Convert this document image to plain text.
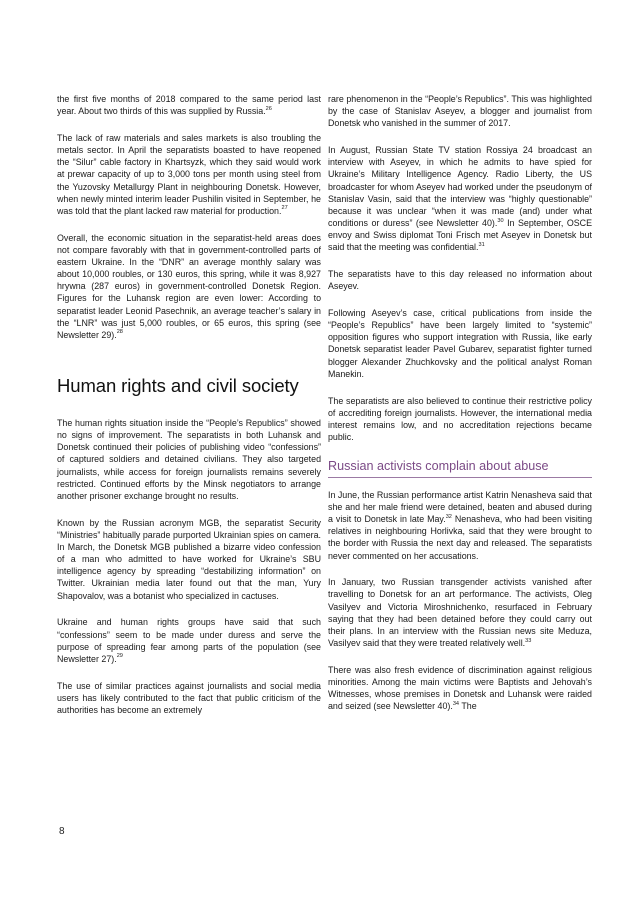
the first five months of 2018 compared to the same period last year. About two thirds of this was supplied by Russia.$^{26}$

The lack of raw materials and sales markets is also troubling the metals sector. In April the separatists boasted to have reopened the “Silur” cable factory in Khartsyzk, which they said would work at prewar capacity of up to 3,000 tons per month using steel from the Yuzovsky Metallurgy Plant in neighbouring Donetsk. However, when newly minted interim leader Pushilin visited in September, he was told that the plant lacked raw material for production.$^{27}$

Overall, the economic situation in the separatist-held areas does not compare favorably with that in government-controlled parts of eastern Ukraine. In the “DNR” an average monthly salary was about 10,000 roubles, or 130 euros, this spring, while it was 8,927 hrywna (287 euros) in government-controlled Donetsk Region. Figures for the Luhansk region are even lower: According to separatist leader Leonid Pasechnik, an average teacher’s salary in the “LNR” was just 5,000 roubles, or 65 euros, this spring (see Newsletter 29).$^{28}$

Human rights and civil society

The human rights situation inside the “People’s Republics” showed no signs of improvement. The separatists in both Luhansk and Donetsk continued their policies of publishing video “confessions” of captured soldiers and detained civilians. They also targeted journalists, while access for foreign journalists remains severely restricted. Continued efforts by the Minsk negotiators to arrange another prisoner exchange brought no results.

Known by the Russian acronym MGB, the separatist Security “Ministries” habitually parade purported Ukrainian spies on camera. In March, the Donetsk MGB published a bizarre video confession of a man who admitted to have worked for Ukraine’s SBU intelligence agency by spreading “destabilizing information” on Twitter. Ukrainian media later found out that the man, Yury Shapovalov, was a botanist who specialized in cactuses.

Ukraine and human rights groups have said that such “confessions” seem to be made under duress and serve the purpose of spreading fear among parts of the population (see Newsletter 27).$^{29}$

The use of similar practices against journalists and social media users has likely contributed to the fact that public criticism of the authorities has become an extremely

rare phenomenon in the “People’s Republics”. This was highlighted by the case of Stanislav Aseyev, a blogger and journalist from Donetsk who vanished in the summer of 2017.

In August, Russian State TV station Rossiya 24 broadcast an interview with Aseyev, in which he admits to have spied for Ukraine’s Military Intelligence Agency. Radio Liberty, the US broadcaster for whom Aseyev had worked under the pseudonym of Stanislav Vasin, said that the interview was “highly questionable” because it was unclear “when it was made (and) under what conditions or duress” (see Newsletter 40).$^{30}$ In September, OSCE envoy and Swiss diplomat Toni Frisch met Aseyev in Donetsk but said that the meeting was confidential.$^{31}$

The separatists have to this day released no information about Aseyev.

Following Aseyev’s case, critical publications from inside the “People’s Republics” have been largely limited to “systemic” opposition figures who support integration with Russia, like early Donetsk separatist leader Pavel Gubarev, separatist fighter turned blogger Alexander Zhuchkovsky and the political analyst Roman Manekin.

The separatists are also believed to continue their restrictive policy of accrediting foreign journalists. However, the international media interest remains low, and no accreditation rejections became public.

Russian activists complain about abuse

In June, the Russian performance artist Katrin Nenasheva said that she and her male friend were detained, beaten and abused during a visit to Donetsk in late May.$^{32}$ Nenasheva, who had been visiting relatives in neighbouring Horlivka, said that they were brought to the border with Russia the next day and released. The separatists never commented on her accusations.

In January, two Russian transgender activists vanished after travelling to Donetsk for an art performance. The activists, Oleg Vasilyev and Victoria Miroshnichenko, resurfaced in February saying that they had been detained before they could carry out their plans. In an interview with the Russian news site Meduza, Vasilyev said that they were treated relatively well.$^{33}$

There was also fresh evidence of discrimination against religious minorities. Among the main victims were Baptists and Jehovah’s Witnesses, whose premises in Donetsk and Luhansk were raided and seized (see Newsletter 40).$^{34}$ The

8
